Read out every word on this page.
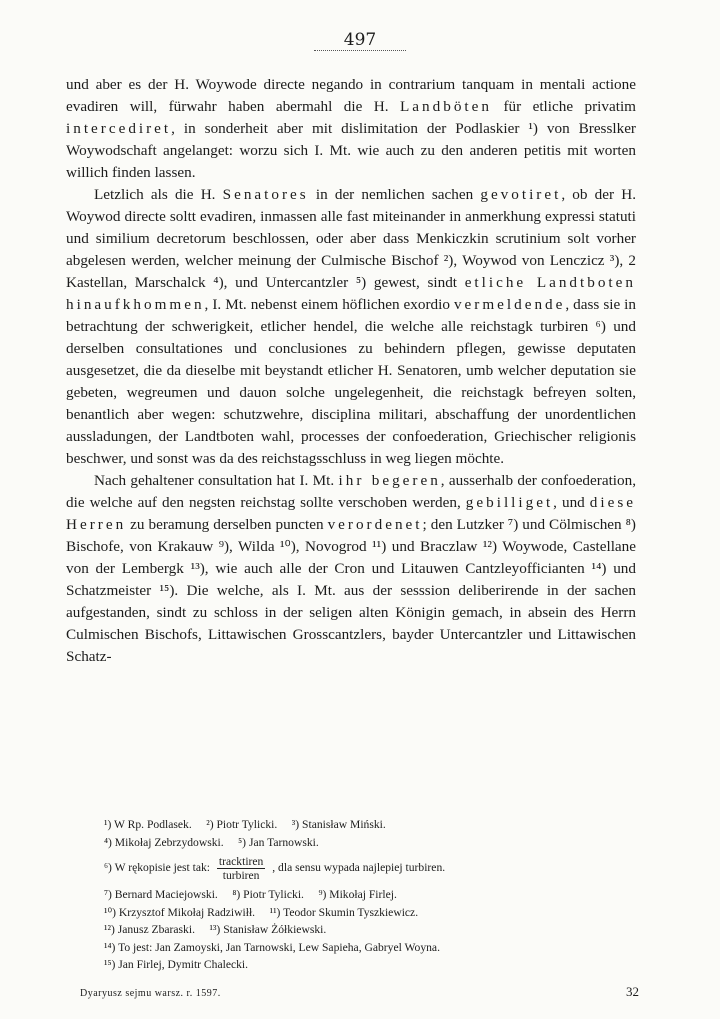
497

und aber es der H. Woywode directe negando in contrarium tanquam in mentali actione evadiren will, fürwahr haben abermahl die H. Landböten für etliche privatim intercediret, in sonderheit aber mit dislimitation der Podlaskier ¹) von Bresslker Woywodschaft angelanget: worzu sich I. Mt. wie auch zu den anderen petitis mit worten willich finden lassen.

Letzlich als die H. Senatores in der nemlichen sachen gevotiret, ob der H. Woywod directe soltt evadiren, inmassen alle fast miteinander in anmerkhung expressi statuti und similium decretorum beschlossen, oder aber dass Menkiczkin scrutinium solt vorher abgelesen werden, welcher meinung der Culmische Bischof ²), Woywod von Lenczicz ³), 2 Kastellan, Marschalck ⁴), und Untercantzler ⁵) gewest, sindt etliche Landtboten hinaufkhommen, I. Mt. nebenst einem höflichen exordio vermeldende, dass sie in betrachtung der schwerigkeit, etlicher hendel, die welche alle reichstagk turbiren ⁶) und derselben consultationes und conclusiones zu behindern pflegen, gewisse deputaten ausgesetzet, die da dieselbe mit beystandt etlicher H. Senatoren, umb welcher deputation sie gebeten, wegreumen und dauon solche ungelegenheit, die reichstagk befreyen solten, benantlich aber wegen: schutzwehre, disciplina militari, abschaffung der unordentlichen aussladungen, der Landtboten wahl, processes der confoederation, Griechischer religionis beschwer, und sonst was da des reichstagsschluss in weg liegen möchte.

Nach gehaltener consultation hat I. Mt. ihr begeren, ausserhalb der confoederation, die welche auf den negsten reichstag sollte verschoben werden, gebilliget, und diese Herren zu beramung derselben puncten verordenet; den Lutzker ⁷) und Cölmischen ⁸) Bischofe, von Krakauw ⁹), Wilda ¹⁰), Novogrod ¹¹) und Braczlaw ¹²) Woywode, Castellane von der Lembergk ¹³), wie auch alle der Cron und Litauwen Cantzleyofficianten ¹⁴) und Schatzmeister ¹⁵). Die welche, als I. Mt. aus der sesssion deliberirende in der sachen aufgestanden, sindt zu schloss in der seligen alten Königin gemach, in absein des Herrn Culmischen Bischofs, Littawischen Grosscantzlers, bayder Untercantzler und Littawischen Schatz-

¹) W Rp. Podlasek. ²) Piotr Tylicki. ³) Stanisław Miński.
⁴) Mikołaj Zebrzydowski. ⁵) Jan Tarnowski.
⁶) W rękopisie jest tak: $\frac{\text{tracktiren}}{\text{turbiren}}$ , dla sensu wypada najlepiej turbiren.
⁷) Bernard Maciejowski. ⁸) Piotr Tylicki. ⁹) Mikołaj Firlej.
¹⁰) Krzysztof Mikołaj Radziwiłł. ¹¹) Teodor Skumin Tyszkiewicz.
¹²) Janusz Zbaraski. ¹³) Stanisław Żółkiewski.
¹⁴) To jest: Jan Zamoyski, Jan Tarnowski, Lew Sapieha, Gabryel Woyna.
¹⁵) Jan Firlej, Dymitr Chalecki.
Dyaryusz sejmu warsz. r. 1597.	32
